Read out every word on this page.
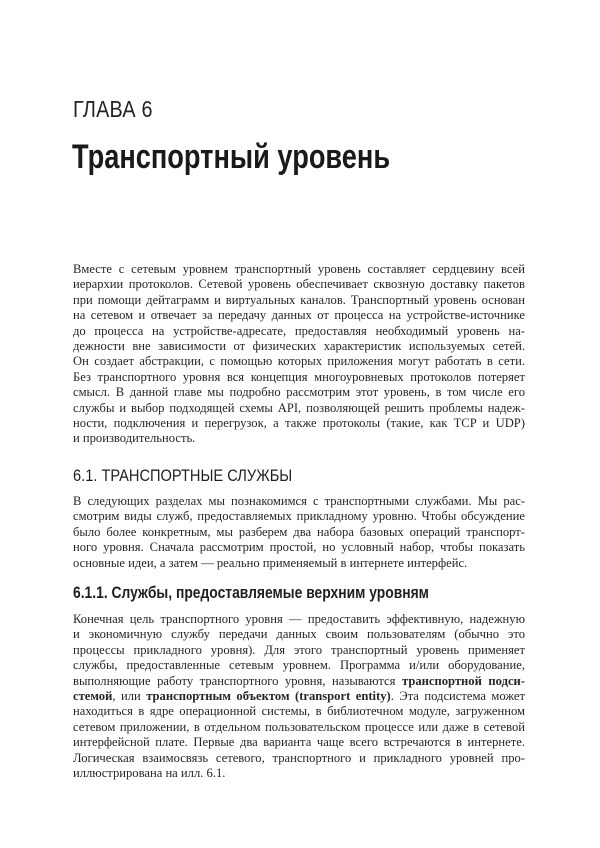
ГЛАВА 6
Транспортный уровень
Вместе с сетевым уровнем транспортный уровень составляет сердцевину всей
иерархии протоколов. Сетевой уровень обеспечивает сквозную доставку пакетов
при помощи дейтаграмм и виртуальных каналов. Транспортный уровень основан
на сетевом и отвечает за передачу данных от процесса на устройстве-источнике
до процесса на устройстве-адресате, предоставляя необходимый уровень на-
дежности вне зависимости от физических характеристик используемых сетей.
Он создает абстракции, с помощью которых приложения могут работать в сети.
Без транспортного уровня вся концепция многоуровневых протоколов потеряет
смысл. В данной главе мы подробно рассмотрим этот уровень, в том числе его
службы и выбор подходящей схемы API, позволяющей решить проблемы надеж-
ности, подключения и перегрузок, а также протоколы (такие, как TCP и UDP)
и производительность.
6.1. ТРАНСПОРТНЫЕ СЛУЖБЫ
В следующих разделах мы познакомимся с транспортными службами. Мы рас-
смотрим виды служб, предоставляемых прикладному уровню. Чтобы обсуждение
было более конкретным, мы разберем два набора базовых операций транспорт-
ного уровня. Сначала рассмотрим простой, но условный набор, чтобы показать
основные идеи, а затем — реально применяемый в интернете интерфейс.
6.1.1. Службы, предоставляемые верхним уровням
Конечная цель транспортного уровня — предоставить эффективную, надежную
и экономичную службу передачи данных своим пользователям (обычно это
процессы прикладного уровня). Для этого транспортный уровень применяет
службы, предоставленные сетевым уровнем. Программа и/или оборудование,
выполняющие работу транспортного уровня, называются транспортной подси-
стемой, или транспортным объектом (transport entity). Эта подсистема может
находиться в ядре операционной системы, в библиотечном модуле, загруженном
сетевом приложении, в отдельном пользовательском процессе или даже в сетевой
интерфейсной плате. Первые два варианта чаще всего встречаются в интернете.
Логическая взаимосвязь сетевого, транспортного и прикладного уровней про-
иллюстрирована на илл. 6.1.
